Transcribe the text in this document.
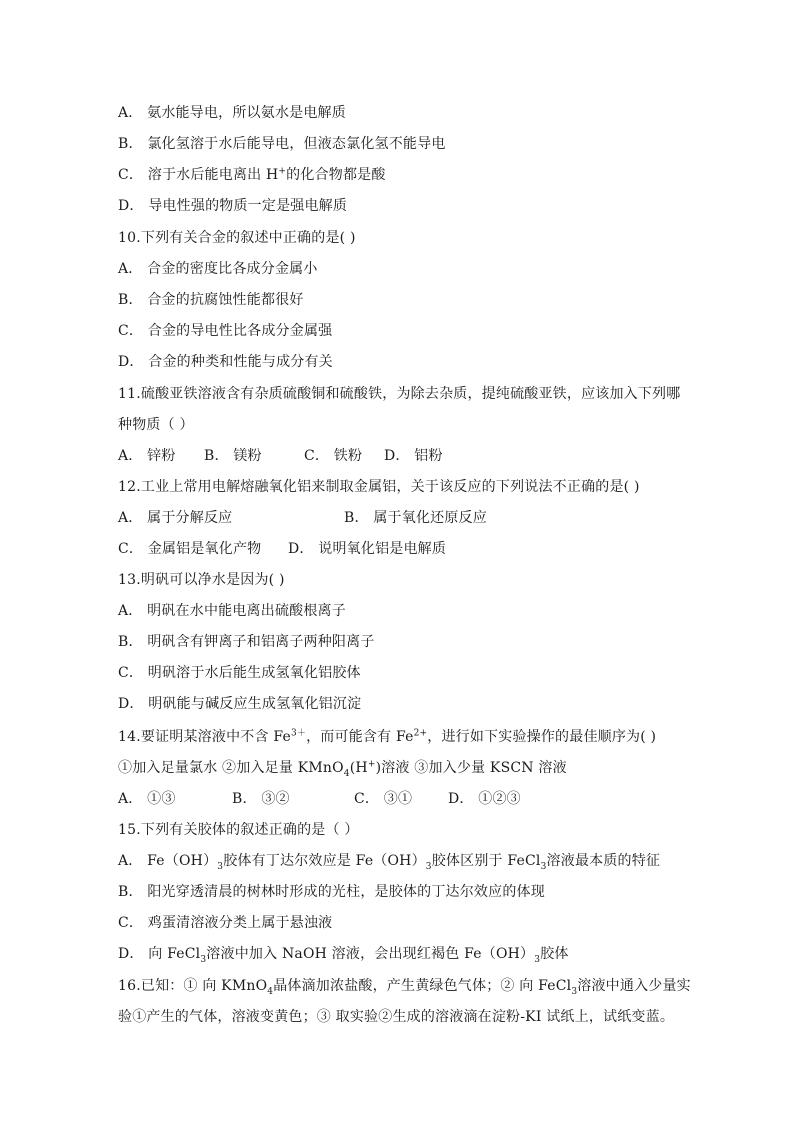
A． 氨水能导电，所以氨水是电解质
B． 氯化氢溶于水后能导电，但液态氯化氢不能导电
C． 溶于水后能电离出 H+的化合物都是酸
D． 导电性强的物质一定是强电解质
10.下列有关合金的叙述中正确的是( )
A． 合金的密度比各成分金属小
B． 合金的抗腐蚀性能都很好
C． 合金的导电性比各成分金属强
D． 合金的种类和性能与成分有关
11.硫酸亚铁溶液含有杂质硫酸铜和硫酸铁，为除去杂质，提纯硫酸亚铁，应该加入下列哪
种物质（ ）
A． 锌粉 B． 镁粉	C． 铁粉 D． 铝粉
12.工业上常用电解熔融氧化铝来制取金属铝，关于该反应的下列说法不正确的是( )
A． 属于分解反应	B． 属于氧化还原反应
C． 金属铝是氧化产物 D． 说明氧化铝是电解质
13.明矾可以净水是因为( )
A． 明矾在水中能电离出硫酸根离子
B． 明矾含有钾离子和铝离子两种阳离子
C． 明矾溶于水后能生成氢氧化铝胶体
D． 明矾能与碱反应生成氢氧化铝沉淀
14.要证明某溶液中不含 $Fe^{3+}$，而可能含有 $Fe^{2+}$，进行如下实验操作的最佳顺序为( )
①加入足量氯水 ②加入足量 KMnO$_4$(H+)溶液 ③加入少量 KSCN 溶液
A． ①③	B． ③②	C． ③①	D． ①②③
15.下列有关胶体的叙述正确的是（ ）
A． $Fe(OH)_3$胶体有丁达尔效应是 $Fe(OH)_3$胶体区别于 FeCl$_3$溶液最本质的特征
B． 阳光穿透清晨的树林时形成的光柱，是胶体的丁达尔效应的体现
C． 鸡蛋清溶液分类上属于悬浊液
D． 向 FeCl$_3$溶液中加入 NaOH 溶液，会出现红褐色 $Fe(OH)_3$胶体
16.已知：① 向 KMnO$_4$晶体滴加浓盐酸，产生黄绿色气体；② 向 FeCl$_3$溶液中通入少量实
验①产生的气体，溶液变黄色；③ 取实验②生成的溶液滴在淀粉-KI 试纸上，试纸变蓝。
